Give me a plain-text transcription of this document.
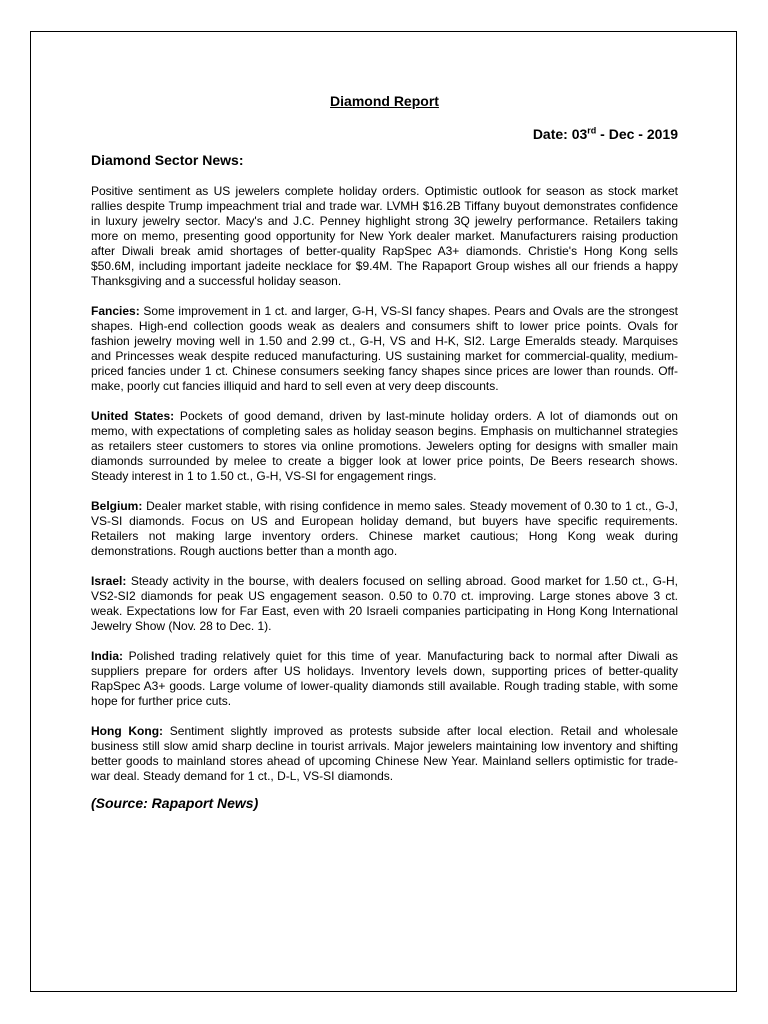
Diamond Report

Date: 03rd - Dec - 2019

Diamond Sector News:

Positive sentiment as US jewelers complete holiday orders. Optimistic outlook for season as stock market rallies despite Trump impeachment trial and trade war. LVMH $16.2B Tiffany buyout demonstrates confidence in luxury jewelry sector. Macy's and J.C. Penney highlight strong 3Q jewelry performance. Retailers taking more on memo, presenting good opportunity for New York dealer market. Manufacturers raising production after Diwali break amid shortages of better-quality RapSpec A3+ diamonds. Christie's Hong Kong sells $50.6M, including important jadeite necklace for $9.4M. The Rapaport Group wishes all our friends a happy Thanksgiving and a successful holiday season.

Fancies: Some improvement in 1 ct. and larger, G-H, VS-SI fancy shapes. Pears and Ovals are the strongest shapes. High-end collection goods weak as dealers and consumers shift to lower price points. Ovals for fashion jewelry moving well in 1.50 and 2.99 ct., G-H, VS and H-K, SI2. Large Emeralds steady. Marquises and Princesses weak despite reduced manufacturing. US sustaining market for commercial-quality, medium-priced fancies under 1 ct. Chinese consumers seeking fancy shapes since prices are lower than rounds. Off-make, poorly cut fancies illiquid and hard to sell even at very deep discounts.

United States: Pockets of good demand, driven by last-minute holiday orders. A lot of diamonds out on memo, with expectations of completing sales as holiday season begins. Emphasis on multichannel strategies as retailers steer customers to stores via online promotions. Jewelers opting for designs with smaller main diamonds surrounded by melee to create a bigger look at lower price points, De Beers research shows. Steady interest in 1 to 1.50 ct., G-H, VS-SI for engagement rings.

Belgium: Dealer market stable, with rising confidence in memo sales. Steady movement of 0.30 to 1 ct., G-J, VS-SI diamonds. Focus on US and European holiday demand, but buyers have specific requirements. Retailers not making large inventory orders. Chinese market cautious; Hong Kong weak during demonstrations. Rough auctions better than a month ago.

Israel: Steady activity in the bourse, with dealers focused on selling abroad. Good market for 1.50 ct., G-H, VS2-SI2 diamonds for peak US engagement season. 0.50 to 0.70 ct. improving. Large stones above 3 ct. weak. Expectations low for Far East, even with 20 Israeli companies participating in Hong Kong International Jewelry Show (Nov. 28 to Dec. 1).

India: Polished trading relatively quiet for this time of year. Manufacturing back to normal after Diwali as suppliers prepare for orders after US holidays. Inventory levels down, supporting prices of better-quality RapSpec A3+ goods. Large volume of lower-quality diamonds still available. Rough trading stable, with some hope for further price cuts.

Hong Kong: Sentiment slightly improved as protests subside after local election. Retail and wholesale business still slow amid sharp decline in tourist arrivals. Major jewelers maintaining low inventory and shifting better goods to mainland stores ahead of upcoming Chinese New Year. Mainland sellers optimistic for trade-war deal. Steady demand for 1 ct., D-L, VS-SI diamonds.

(Source: Rapaport News)
